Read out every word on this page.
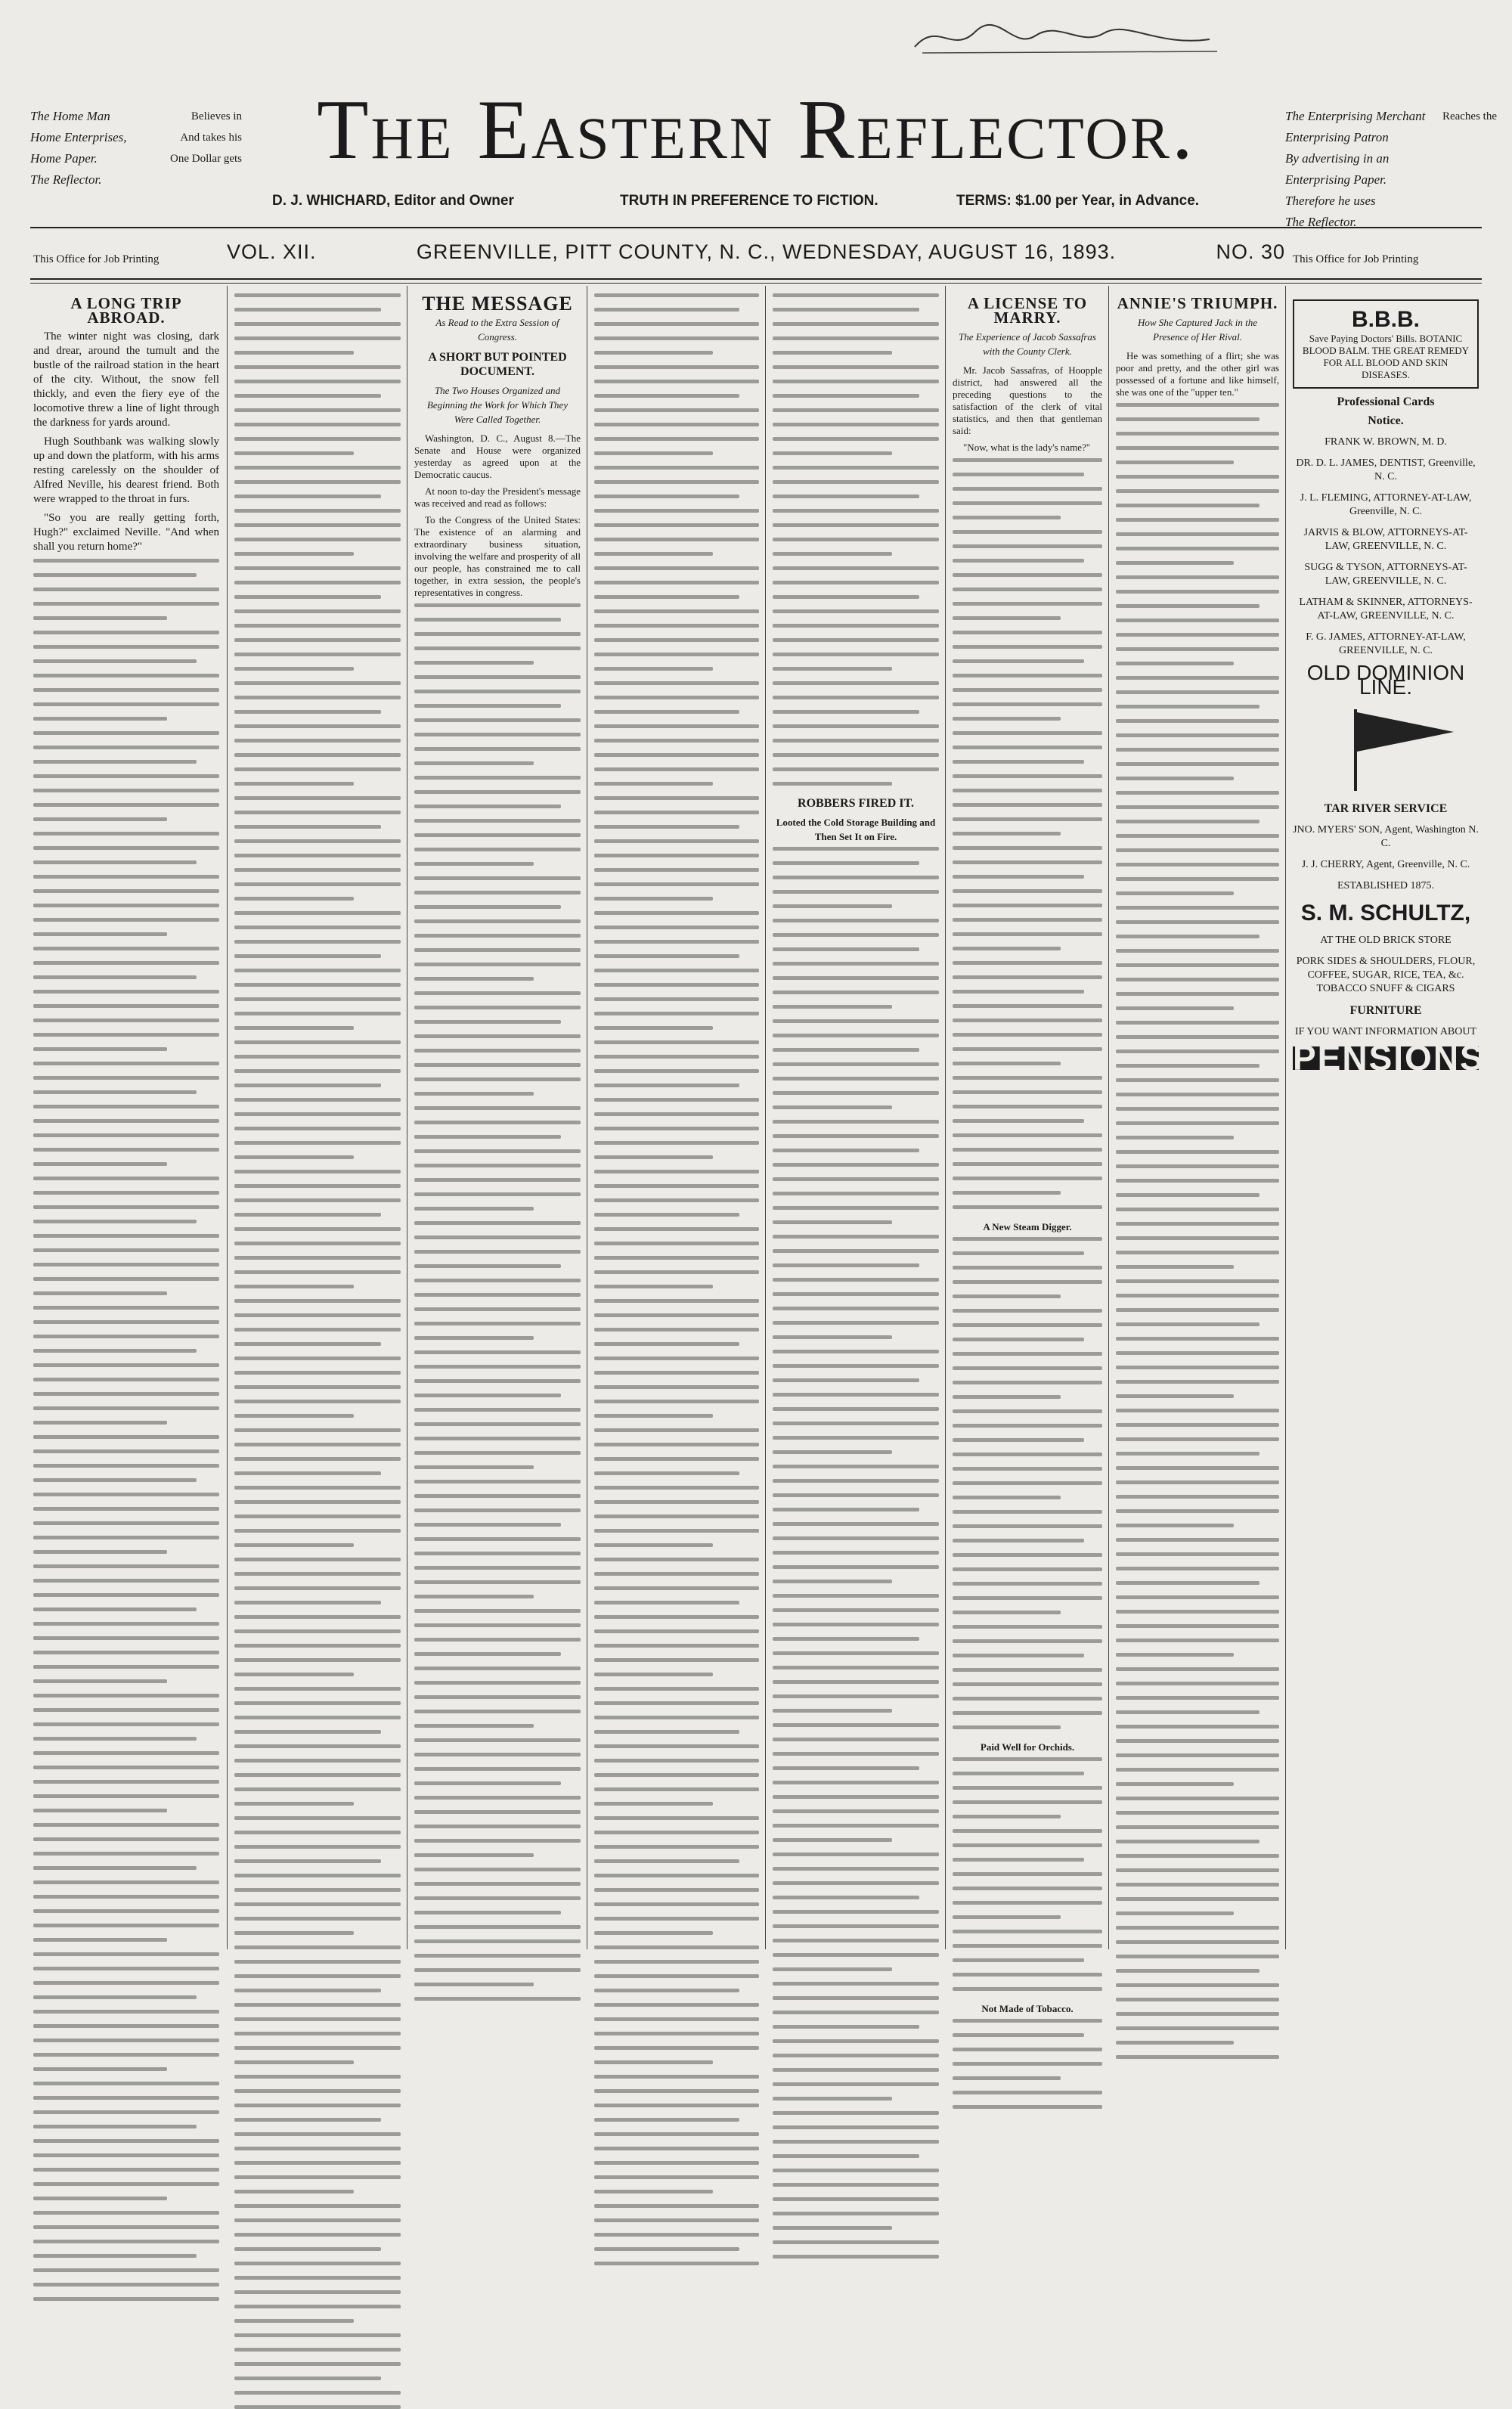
The Home Man	Believes in
Home Enterprises,	And takes his
Home Paper.	One Dollar gets
The Reflector.
The Eastern Reflector.	The Enterprising Merchant Reaches the
Enterprising Patron
By advertising in an
Enterprising Paper.
Therefore he uses
The Reflector.
D. J. WHICHARD, Editor and Owner	TRUTH IN PREFERENCE TO FICTION.	TERMS: $1.00 per Year, in Advance.
VOL. XII.	GREENVILLE, PITT COUNTY, N. C., WEDNESDAY, AUGUST 16, 1893.	NO. 30
This Office for Job Printing	This Office for Job Printing
A LONG TRIP ABROAD.

The winter night was closing, dark and drear, around the tumult and the bustle of the railroad station in the heart of the city. Without, the snow fell thickly, and even the fiery eye of the locomotive threw a line of light through the darkness for yards around.

Hugh Southbank was walking slowly up and down the platform, with his arms resting carelessly on the shoulder of Alfred Neville, his dearest friend. Both were wrapped to the throat in furs.

"So you are really getting forth, Hugh?" exclaimed Neville. "And when shall you return home?"

THE MESSAGE
As Read to the Extra Session of Congress.
A SHORT BUT POINTED DOCUMENT.
The Two Houses Organized and Beginning the Work for Which They Were Called Together.

Washington, D. C., August 8.—The Senate and House were organized yesterday as agreed upon at the Democratic caucus.

At noon to-day the President's message was received and read as follows:

To the Congress of the United States: The existence of an alarming and extraordinary business situation, involving the welfare and prosperity of all our people, has constrained me to call together, in extra session, the people's representatives in congress.

ROBBERS FIRED IT.
Looted the Cold Storage Building and Then Set It on Fire.
A LICENSE TO MARRY.
The Experience of Jacob Sassafras with the County Clerk.

Mr. Jacob Sassafras, of Hoopple district, had answered all the preceding questions to the satisfaction of the clerk of vital statistics, and then that gentleman said:

"Now, what is the lady's name?"

A New Steam Digger.
Paid Well for Orchids.
Not Made of Tobacco.
ANNIE'S TRIUMPH.
How She Captured Jack in the Presence of Her Rival.

He was something of a flirt; she was poor and pretty, and the other girl was possessed of a fortune and like himself, she was one of the "upper ten."

B.B.B.
Save Paying Doctors' Bills. BOTANIC BLOOD BALM. THE GREAT REMEDY FOR ALL BLOOD AND SKIN DISEASES.
Professional Cards
Notice.
FRANK W. BROWN, M. D.
DR. D. L. JAMES, DENTIST, Greenville, N. C.
J. L. FLEMING, ATTORNEY-AT-LAW, Greenville, N. C.
JARVIS & BLOW, ATTORNEYS-AT-LAW, GREENVILLE, N. C.
SUGG & TYSON, ATTORNEYS-AT-LAW, GREENVILLE, N. C.
LATHAM & SKINNER, ATTORNEYS-AT-LAW, GREENVILLE, N. C.
F. G. JAMES, ATTORNEY-AT-LAW, GREENVILLE, N. C.
OLD DOMINION LINE.
TAR RIVER SERVICE
JNO. MYERS' SON, Agent, Washington N. C.
J. J. CHERRY, Agent, Greenville, N. C.
ESTABLISHED 1875.
S. M. SCHULTZ,
AT THE OLD BRICK STORE
PORK SIDES & SHOULDERS, FLOUR, COFFEE, SUGAR, RICE, TEA, &c. TOBACCO SNUFF & CIGARS
FURNITURE
IF YOU WANT INFORMATION ABOUT
PENSIONS
